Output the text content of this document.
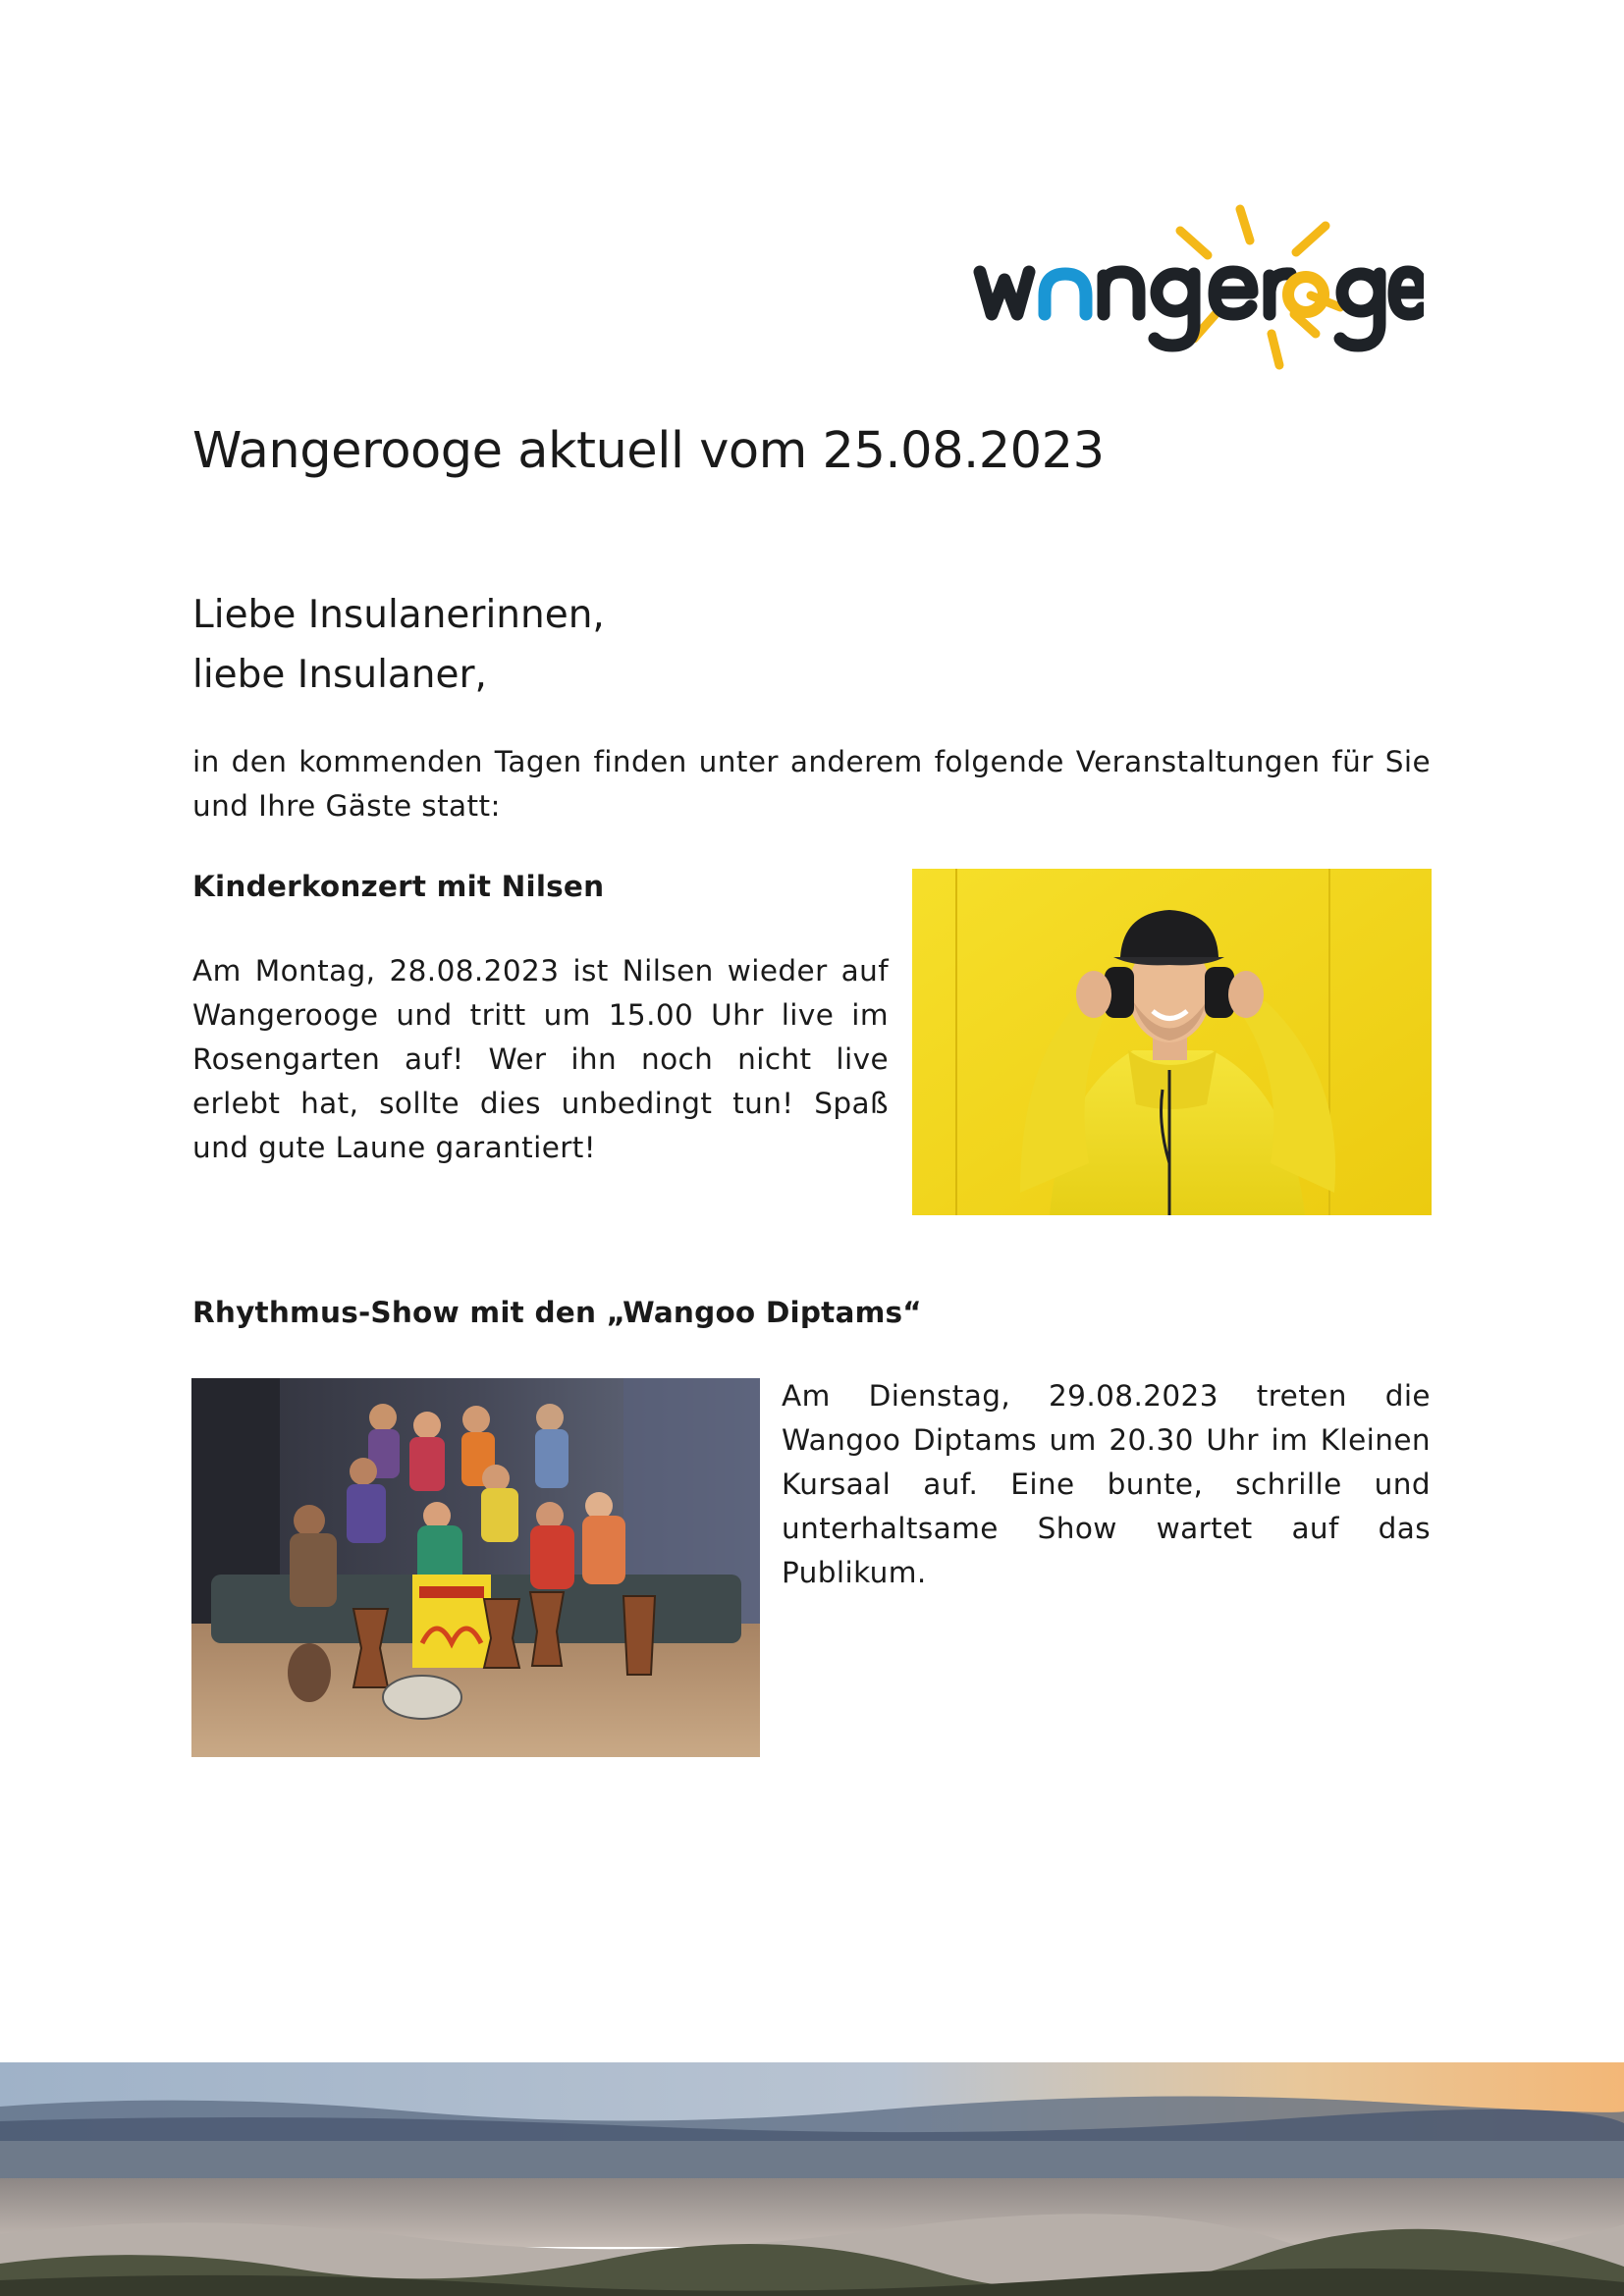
Wangerooge aktuell vom 25.08.2023
Liebe Insulanerinnen,
liebe Insulaner,

in den kommenden Tagen finden unter anderem folgende Veranstaltungen für Sie und Ihre Gäste statt:

Kinderkonzert mit Nilsen

Am Montag, 28.08.2023 ist Nilsen wieder auf Wangerooge und tritt um 15.00 Uhr live im Rosengarten auf! Wer ihn noch nicht live erlebt hat, sollte dies unbedingt tun! Spaß und gute Laune garantiert!

Rhythmus-Show mit den „Wangoo Diptams“

Am Dienstag, 29.08.2023 treten die Wangoo Diptams um 20.30 Uhr im Kleinen Kursaal auf. Eine bunte, schrille und unterhaltsame Show wartet auf das Publikum.
